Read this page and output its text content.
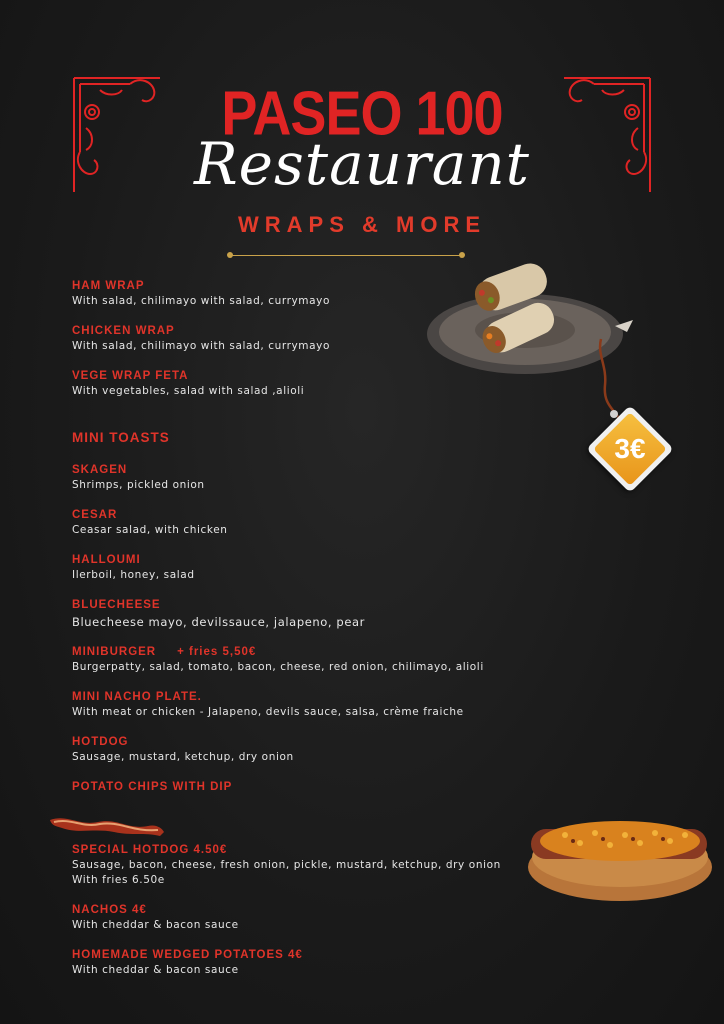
PASEO 100
Restaurant
WRAPS & MORE
3€
HAM WRAP
With salad, chilimayo with salad, currymayo
CHICKEN WRAP
With salad, chilimayo with salad, currymayo
VEGE WRAP FETA
With vegetables, salad with salad ,alioli
MINI TOASTS
SKAGEN
Shrimps, pickled onion
CESAR
Ceasar salad, with chicken
HALLOUMI
Ilerboil, honey, salad
BLUECHEESE
Bluecheese mayo, devilssauce, jalapeno, pear
MINIBURGER     + fries 5,50€
Burgerpatty, salad, tomato, bacon, cheese, red onion, chilimayo, alioli
MINI NACHO PLATE.
With meat or chicken - Jalapeno, devils sauce, salsa, crème fraiche
HOTDOG
Sausage, mustard, ketchup, dry onion
POTATO CHIPS WITH DIP
SPECIAL HOTDOG 4.50€
Sausage, bacon, cheese, fresh onion, pickle, mustard, ketchup, dry onion
With fries 6.50e
NACHOS 4€
With cheddar & bacon sauce
HOMEMADE WEDGED POTATOES 4€
With cheddar & bacon sauce
